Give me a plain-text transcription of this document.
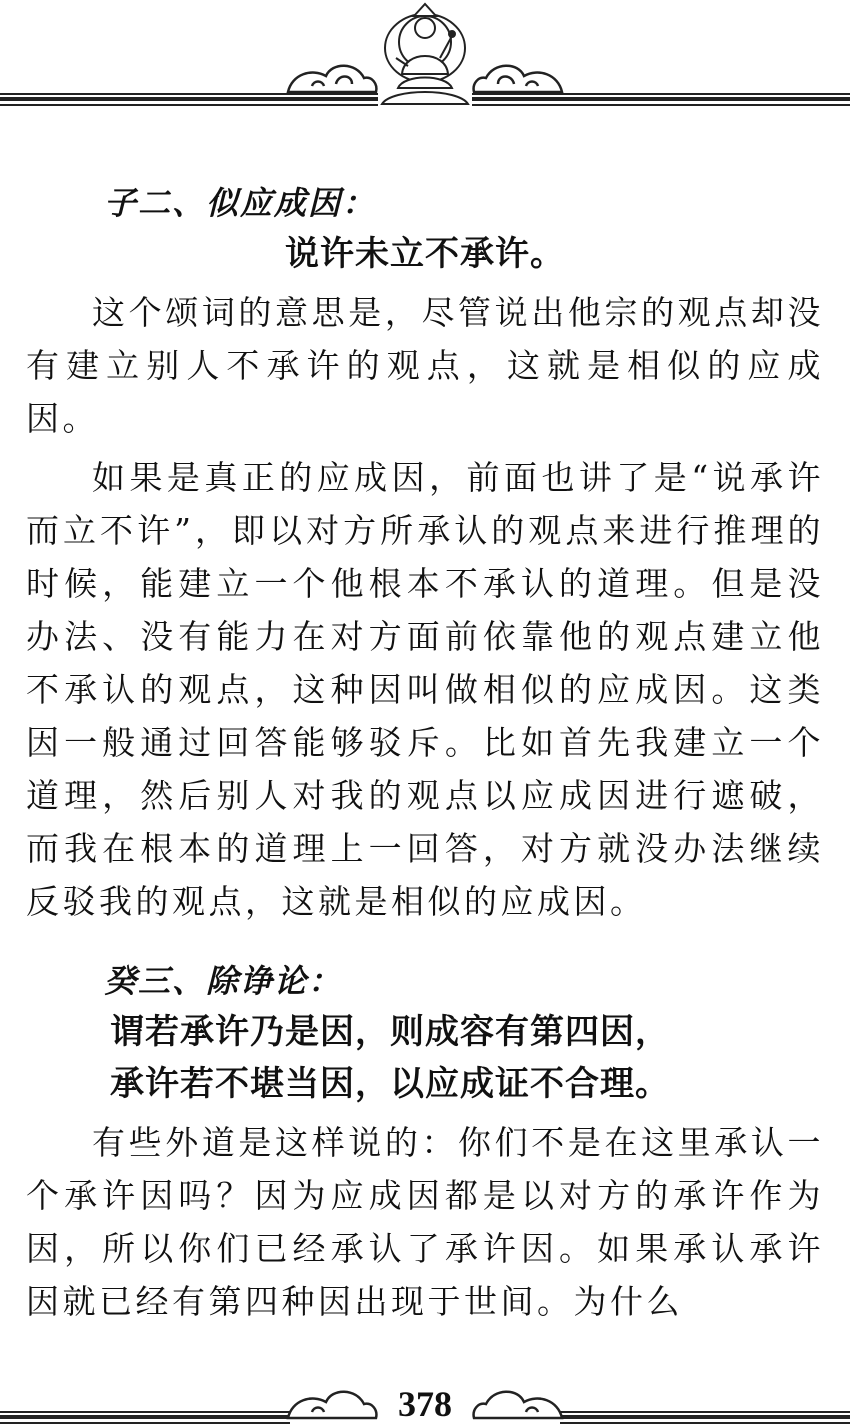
子二、似应成因：

说许未立不承许。

这个颂词的意思是，尽管说出他宗的观点却没有建立别人不承许的观点，这就是相似的应成因。

如果是真正的应成因，前面也讲了是“说承许而立不许”，即以对方所承认的观点来进行推理的时候，能建立一个他根本不承认的道理。但是没办法、没有能力在对方面前依靠他的观点建立他不承认的观点，这种因叫做相似的应成因。这类因一般通过回答能够驳斥。比如首先我建立一个道理，然后别人对我的观点以应成因进行遮破，而我在根本的道理上一回答，对方就没办法继续反驳我的观点，这就是相似的应成因。

癸三、除诤论：

谓若承许乃是因，则成容有第四因，

承许若不堪当因，以应成证不合理。

有些外道是这样说的：你们不是在这里承认一个承许因吗？因为应成因都是以对方的承许作为因，所以你们已经承认了承许因。如果承认承许因就已经有第四种因出现于世间。为什么

378
